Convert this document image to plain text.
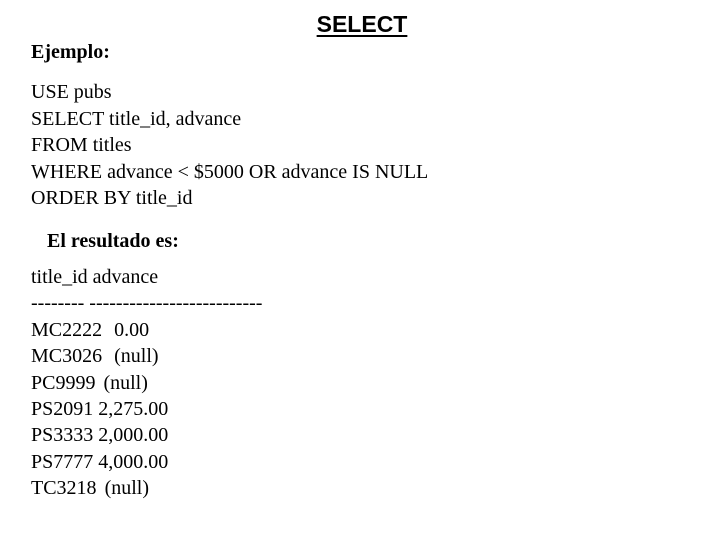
SELECT
Ejemplo:
USE pubs
SELECT title_id, advance
FROM titles
WHERE advance < $5000 OR advance IS NULL
ORDER BY title_id
El resultado es:
title_id advance
-------- --------------------------
MC2222 0.00
MC3026 (null)
PC9999 (null)
PS2091 2,275.00
PS3333 2,000.00
PS7777 4,000.00
TC3218 (null)
